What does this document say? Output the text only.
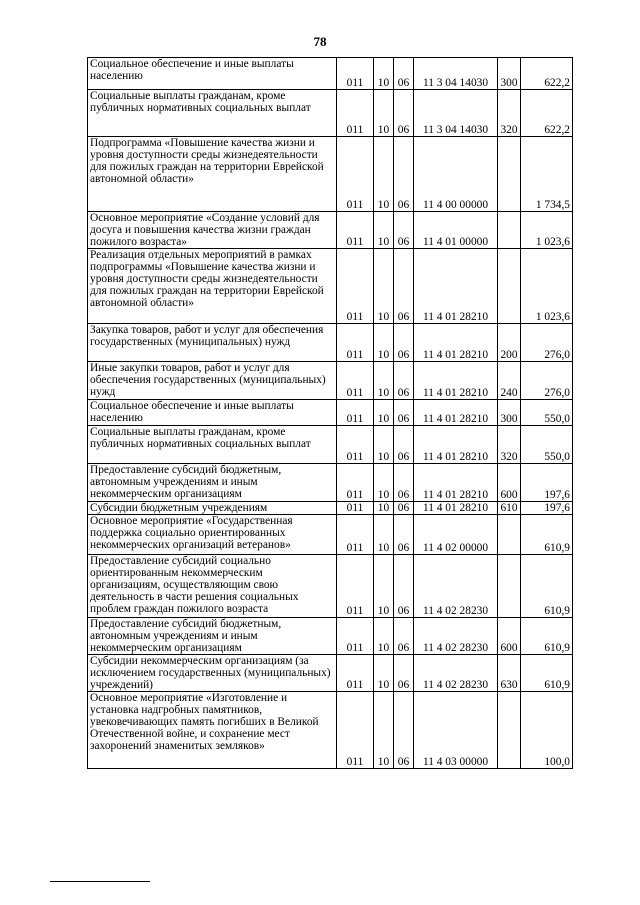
78
Социальное обеспечение и иные выплаты населению	011	10	06	11 3 04 14030	300	622,2
Социальные выплаты гражданам, кроме публичных нормативных социальных выплат	011	10	06	11 3 04 14030	320	622,2
Подпрограмма «Повышение качества жизни и уровня доступности среды жизнедеятельности для пожилых граждан на территории Еврейской автономной области»	011	10	06	11 4 00 00000		1 734,5
Основное мероприятие «Создание условий для досуга и повышения качества жизни граждан пожилого возраста»	011	10	06	11 4 01 00000		1 023,6
Реализация отдельных мероприятий в рамках подпрограммы «Повышение качества жизни и уровня доступности среды жизнедеятельности для пожилых граждан на территории Еврейской автономной области»	011	10	06	11 4 01 28210		1 023,6
Закупка товаров, работ и услуг для обеспечения государственных (муниципальных) нужд	011	10	06	11 4 01 28210	200	276,0
Иные закупки товаров, работ и услуг для обеспечения государственных (муниципальных) нужд	011	10	06	11 4 01 28210	240	276,0
Социальное обеспечение и иные выплаты населению	011	10	06	11 4 01 28210	300	550,0
Социальные выплаты гражданам, кроме публичных нормативных социальных выплат	011	10	06	11 4 01 28210	320	550,0
Предоставление субсидий бюджетным, автономным учреждениям и иным некоммерческим организациям	011	10	06	11 4 01 28210	600	197,6
Субсидии бюджетным учреждениям	011	10	06	11 4 01 28210	610	197,6
Основное мероприятие «Государственная поддержка социально ориентированных некоммерческих организаций ветеранов»	011	10	06	11 4 02 00000		610,9
Предоставление субсидий социально ориентированным некоммерческим организациям, осуществляющим свою деятельность в части решения социальных проблем граждан пожилого возраста	011	10	06	11 4 02 28230		610,9
Предоставление субсидий бюджетным, автономным учреждениям и иным некоммерческим организациям	011	10	06	11 4 02 28230	600	610,9
Субсидии некоммерческим организациям (за исключением государственных (муниципальных) учреждений)	011	10	06	11 4 02 28230	630	610,9
Основное мероприятие «Изготовление и установка надгробных памятников, увековечивающих память погибших в Великой Отечественной войне, и сохранение мест захоронений знаменитых земляков»	011	10	06	11 4 03 00000		100,0
